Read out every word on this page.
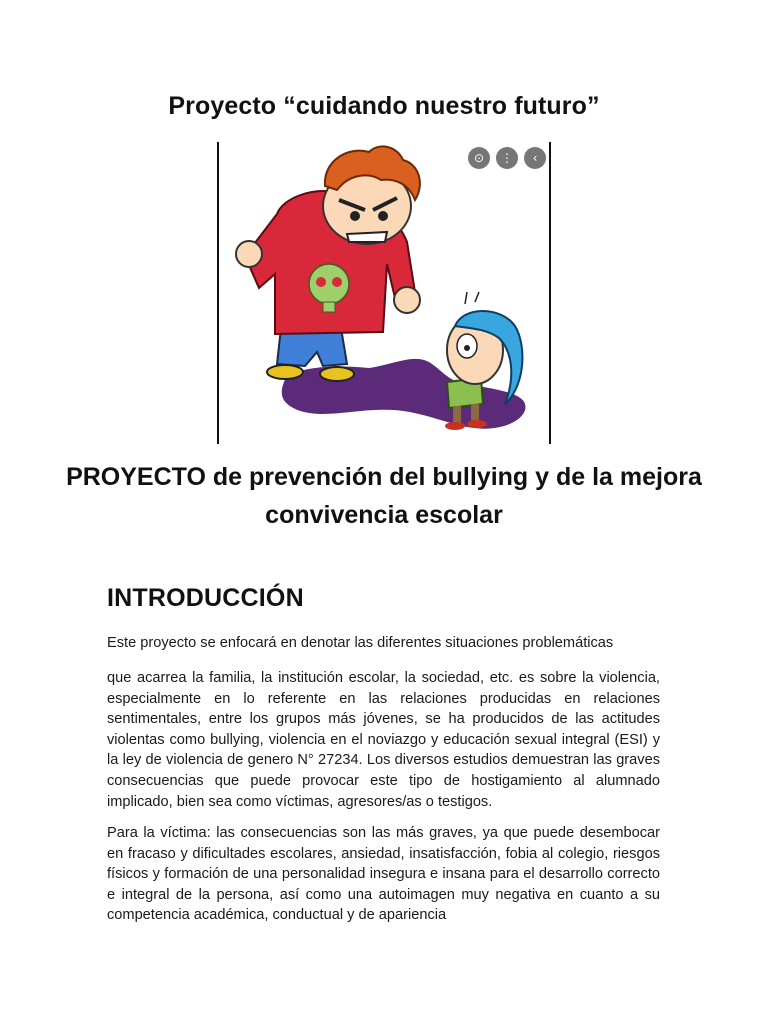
Proyecto “cuidando nuestro futuro”
⊙	⋮	‹
PROYECTO de prevención del bullying y de la mejora convivencia escolar
INTRODUCCIÓN

Este proyecto se enfocará en denotar las diferentes situaciones problemáticas

que acarrea la familia, la institución escolar, la sociedad, etc. es sobre la violencia, especialmente en lo referente en las relaciones producidas en relaciones sentimentales, entre los grupos más jóvenes, se ha producidos de las actitudes violentas como bullying, violencia en el noviazgo y educación sexual integral (ESI) y la ley de violencia de genero N° 27234. Los diversos estudios demuestran las graves consecuencias que puede provocar este tipo de hostigamiento al alumnado implicado, bien sea como víctimas, agresores/as o testigos.

Para la víctima: las consecuencias son las más graves, ya que puede desembocar en fracaso y dificultades escolares, ansiedad, insatisfacción, fobia al colegio, riesgos físicos y formación de una personalidad insegura e insana para el desarrollo correcto e integral de la persona, así como una autoimagen muy negativa en cuanto a su competencia académica, conductual y de apariencia
